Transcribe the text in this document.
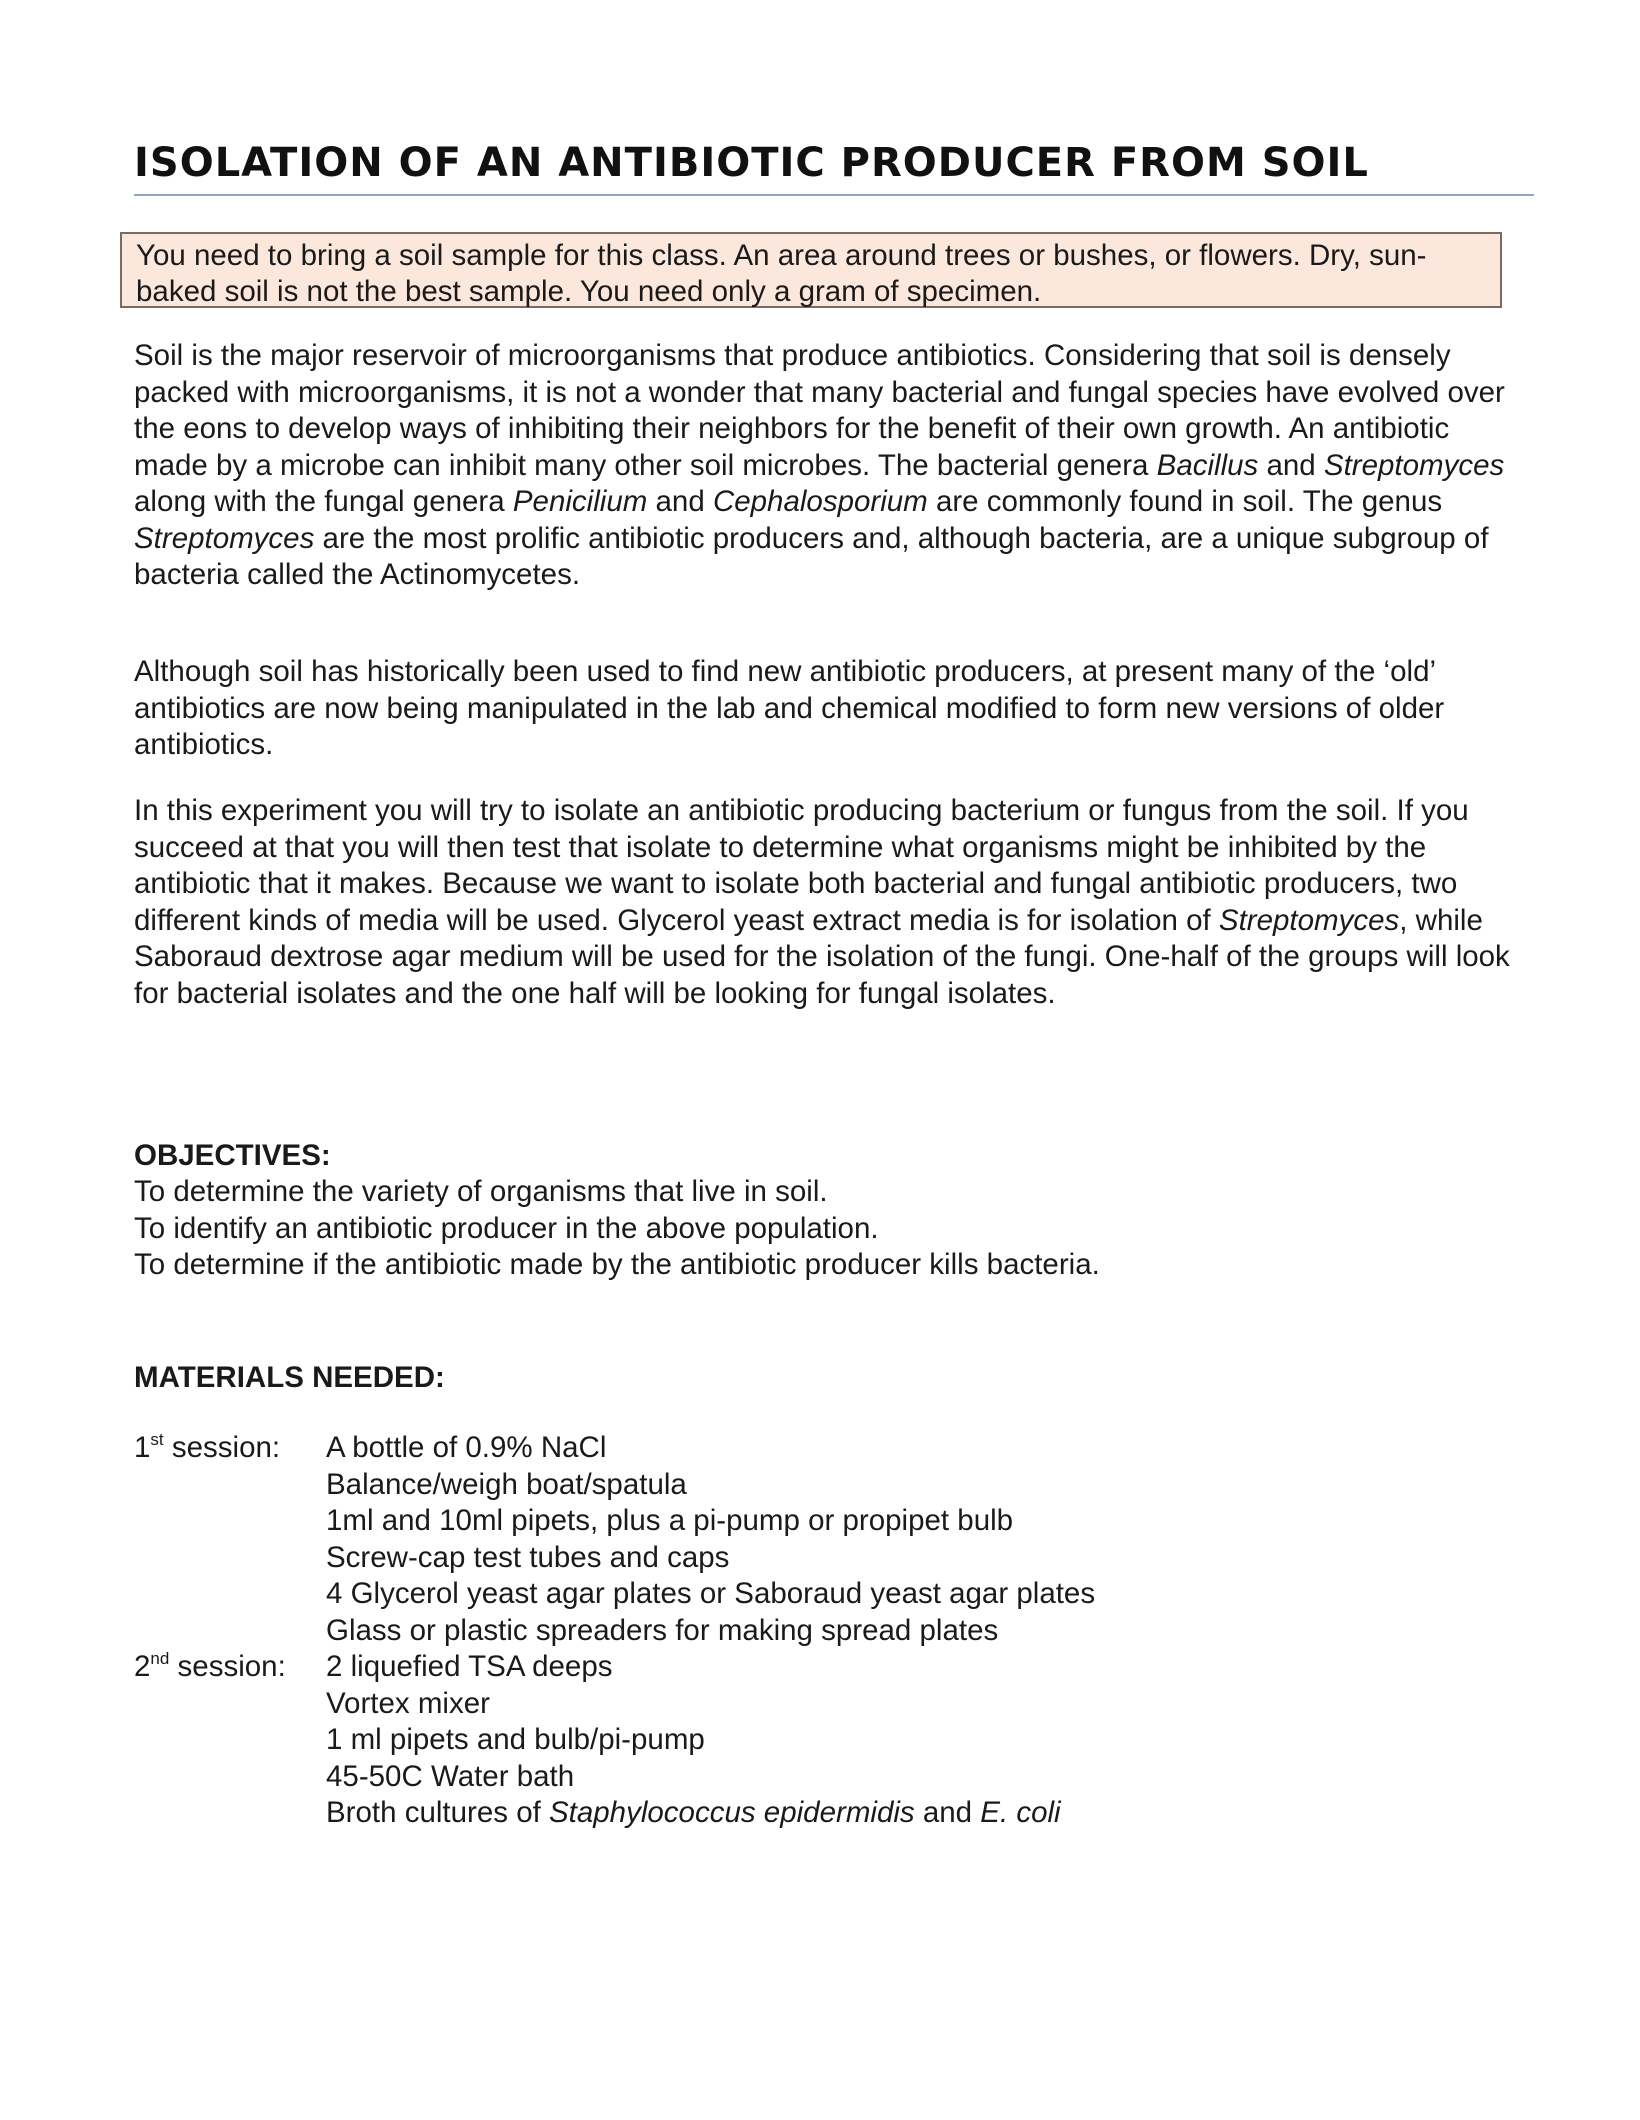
ISOLATION OF AN ANTIBIOTIC PRODUCER FROM SOIL
You need to bring a soil sample for this class. An area around trees or bushes, or flowers. Dry, sun-baked soil is not the best sample. You need only a gram of specimen.

Soil is the major reservoir of microorganisms that produce antibiotics. Considering that soil is densely packed with microorganisms, it is not a wonder that many bacterial and fungal species have evolved over the eons to develop ways of inhibiting their neighbors for the benefit of their own growth. An antibiotic made by a microbe can inhibit many other soil microbes. The bacterial genera Bacillus and Streptomyces along with the fungal genera Penicilium and Cephalosporium are commonly found in soil. The genus Streptomyces are the most prolific antibiotic producers and, although bacteria, are a unique subgroup of bacteria called the Actinomycetes.

Although soil has historically been used to find new antibiotic producers, at present many of the ‘old’ antibiotics are now being manipulated in the lab and chemical modified to form new versions of older antibiotics.

In this experiment you will try to isolate an antibiotic producing bacterium or fungus from the soil. If you succeed at that you will then test that isolate to determine what organisms might be inhibited by the antibiotic that it makes. Because we want to isolate both bacterial and fungal antibiotic producers, two different kinds of media will be used. Glycerol yeast extract media is for isolation of Streptomyces, while Saboraud dextrose agar medium will be used for the isolation of the fungi. One-half of the groups will look for bacterial isolates and the one half will be looking for fungal isolates.

OBJECTIVES:
To determine the variety of organisms that live in soil.
To identify an antibiotic producer in the above population.
To determine if the antibiotic made by the antibiotic producer kills bacteria.
MATERIALS NEEDED:
1st session: A bottle of 0.9% NaCl
Balance/weigh boat/spatula
1ml and 10ml pipets, plus a pi-pump or propipet bulb
Screw-cap test tubes and caps
4 Glycerol yeast agar plates or Saboraud yeast agar plates
Glass or plastic spreaders for making spread plates
2nd session: 2 liquefied TSA deeps
Vortex mixer
1 ml pipets and bulb/pi-pump
45-50C Water bath
Broth cultures of Staphylococcus epidermidis and E. coli
